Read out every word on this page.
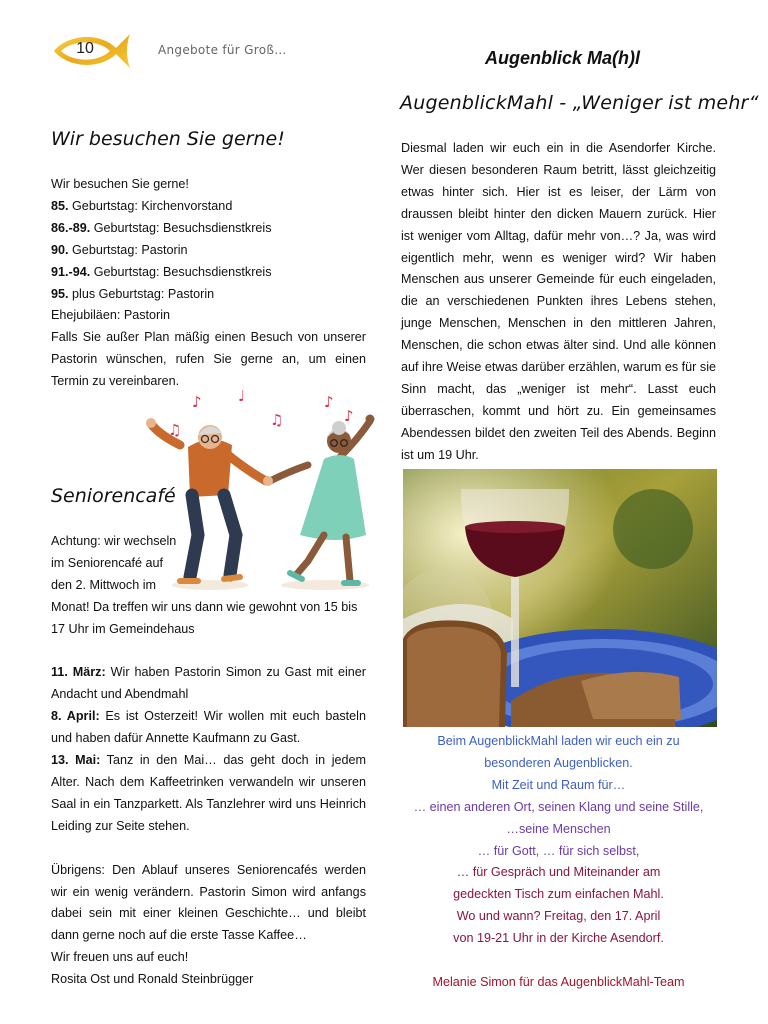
10	Angebote für Groß…	Augenblick Ma(h)l
AugenblickMahl - „Weniger ist mehr“
Wir besuchen Sie gerne!

Wir besuchen Sie gerne!

85. Geburtstag: Kirchenvorstand

86.-89. Geburtstag: Besuchsdienstkreis

90. Geburtstag: Pastorin

91.-94. Geburtstag: Besuchsdienstkreis

95. plus Geburtstag: Pastorin

Ehejubiläen: Pastorin

Falls Sie außer Plan mäßig einen Besuch von unserer Pastorin wünschen, rufen Sie gerne an, um einen Termin zu vereinbaren.

♪ ♩
♫
♫
♪
♪
Seniorencafé

Achtung: wir wechseln

im Seniorencafé auf

den 2. Mittwoch im

Monat! Da treffen wir uns dann wie gewohnt von 15 bis 17 Uhr im Gemeindehaus

11. März: Wir haben Pastorin Simon zu Gast mit einer Andacht und Abendmahl

8. April: Es ist Osterzeit! Wir wollen mit euch basteln und haben dafür Annette Kaufmann zu Gast.

13. Mai: Tanz in den Mai… das geht doch in jedem Alter. Nach dem Kaffeetrinken verwandeln wir unseren Saal in ein Tanzparkett. Als Tanzlehrer wird uns Heinrich Leiding zur Seite stehen.

Übrigens: Den Ablauf unseres Seniorencafés werden wir ein wenig verändern. Pastorin Simon wird anfangs dabei sein mit einer kleinen Geschichte… und bleibt dann gerne noch auf die erste Tasse Kaffee…

Wir freuen uns auf euch!

Rosita Ost und Ronald Steinbrügger

Diesmal laden wir euch ein in die Asendorfer Kirche. Wer diesen besonderen Raum betritt, lässt gleichzeitig etwas hinter sich. Hier ist es leiser, der Lärm von draussen bleibt hinter den dicken Mauern zurück. Hier ist weniger vom Alltag, dafür mehr von…? Ja, was wird eigentlich mehr, wenn es weniger wird? Wir haben Menschen aus unserer Gemeinde für euch eingeladen, die an verschiedenen Punkten ihres Lebens stehen, junge Menschen, Menschen in den mittleren Jahren, Menschen, die schon etwas älter sind. Und alle können auf ihre Weise etwas darüber erzählen, warum es für sie Sinn macht, das „weniger ist mehr“. Lasst euch überraschen, kommt und hört zu. Ein gemeinsames Abendessen bildet den zweiten Teil des Abends. Beginn ist um 19 Uhr.

Beim AugenblickMahl laden wir euch ein zu

besonderen Augenblicken.

Mit Zeit und Raum für…

… einen anderen Ort, seinen Klang und seine Stille,

…seine Menschen

… für Gott, … für sich selbst,

… für Gespräch und Miteinander am

gedeckten Tisch zum einfachen Mahl.

Wo und wann? Freitag, den 17. April

von 19-21 Uhr in der Kirche Asendorf.

Melanie Simon für das AugenblickMahl-Team
